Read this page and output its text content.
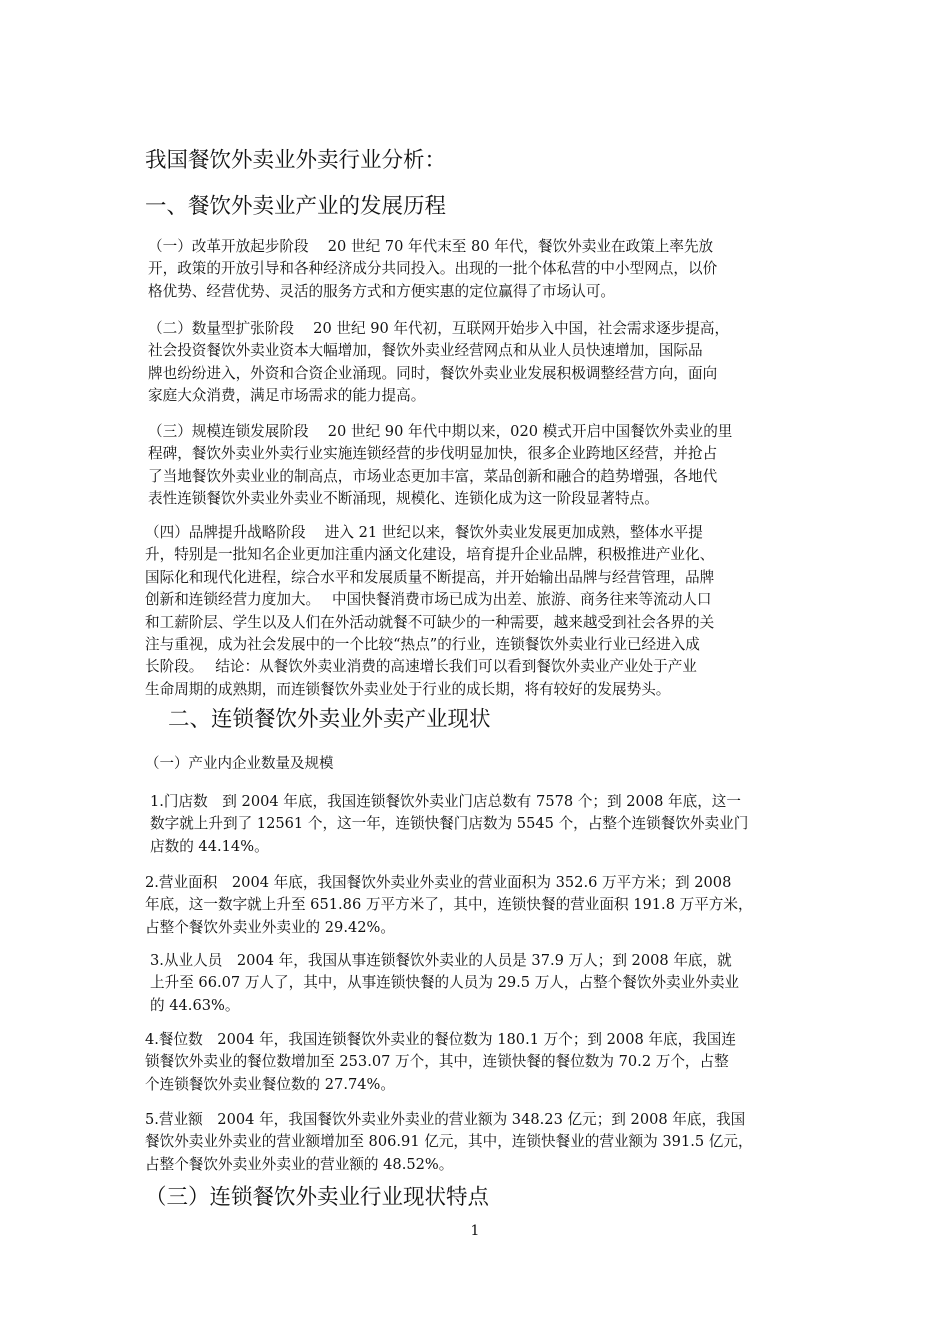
我国餐饮外卖业外卖行业分析：
一、餐饮外卖业产业的发展历程
（一）改革开放起步阶段　 20 世纪 70 年代末至 80 年代，餐饮外卖业在政策上率先放
开，政策的开放引导和各种经济成分共同投入。出现的一批个体私营的中小型网点，以价
格优势、经营优势、灵活的服务方式和方便实惠的定位赢得了市场认可。
（二）数量型扩张阶段　 20 世纪 90 年代初，互联网开始步入中国，社会需求逐步提高，
社会投资餐饮外卖业资本大幅增加，餐饮外卖业经营网点和从业人员快速增加，国际品
牌也纷纷进入，外资和合资企业涌现。同时，餐饮外卖业业发展积极调整经营方向，面向
家庭大众消费，满足市场需求的能力提高。
（三）规模连锁发展阶段　 20 世纪 90 年代中期以来，020 模式开启中国餐饮外卖业的里
程碑，餐饮外卖业外卖行业实施连锁经营的步伐明显加快，很多企业跨地区经营，并抢占
了当地餐饮外卖业业的制高点，市场业态更加丰富，菜品创新和融合的趋势增强，各地代
表性连锁餐饮外卖业外卖业不断涌现，规模化、连锁化成为这一阶段显著特点。
（四）品牌提升战略阶段　 进入 21 世纪以来，餐饮外卖业发展更加成熟，整体水平提
升，特别是一批知名企业更加注重内涵文化建设，培育提升企业品牌，积极推进产业化、
国际化和现代化进程，综合水平和发展质量不断提高，并开始输出品牌与经营管理，品牌
创新和连锁经营力度加大。　 中国快餐消费市场已成为出差、旅游、商务往来等流动人口
和工薪阶层、学生以及人们在外活动就餐不可缺少的一种需要，越来越受到社会各界的关
注与重视，成为社会发展中的一个比较“热点”的行业，连锁餐饮外卖业行业已经进入成
长阶段。　 结论：从餐饮外卖业消费的高速增长我们可以看到餐饮外卖业产业处于产业
生命周期的成熟期，而连锁餐饮外卖业处于行业的成长期，将有较好的发展势头。
二、连锁餐饮外卖业外卖产业现状
（一）产业内企业数量及规模
1.门店数　到 2004 年底，我国连锁餐饮外卖业门店总数有 7578 个；到 2008 年底，这一
数字就上升到了 12561 个，这一年，连锁快餐门店数为 5545 个，占整个连锁餐饮外卖业门
店数的 44.14%。
2.营业面积　2004 年底，我国餐饮外卖业外卖业的营业面积为 352.6 万平方米；到 2008
年底，这一数字就上升至 651.86 万平方米了，其中，连锁快餐的营业面积 191.8 万平方米，
占整个餐饮外卖业外卖业的 29.42%。
3.从业人员　2004 年，我国从事连锁餐饮外卖业的人员是 37.9 万人；到 2008 年底，就
上升至 66.07 万人了，其中，从事连锁快餐的人员为 29.5 万人，占整个餐饮外卖业外卖业
的 44.63%。
4.餐位数　2004 年，我国连锁餐饮外卖业的餐位数为 180.1 万个；到 2008 年底，我国连
锁餐饮外卖业的餐位数增加至 253.07 万个，其中，连锁快餐的餐位数为 70.2 万个，占整
个连锁餐饮外卖业餐位数的 27.74%。
5.营业额　2004 年，我国餐饮外卖业外卖业的营业额为 348.23 亿元；到 2008 年底，我国
餐饮外卖业外卖业的营业额增加至 806.91 亿元，其中，连锁快餐业的营业额为 391.5 亿元，
占整个餐饮外卖业外卖业的营业额的 48.52%。
（三）连锁餐饮外卖业行业现状特点
1
